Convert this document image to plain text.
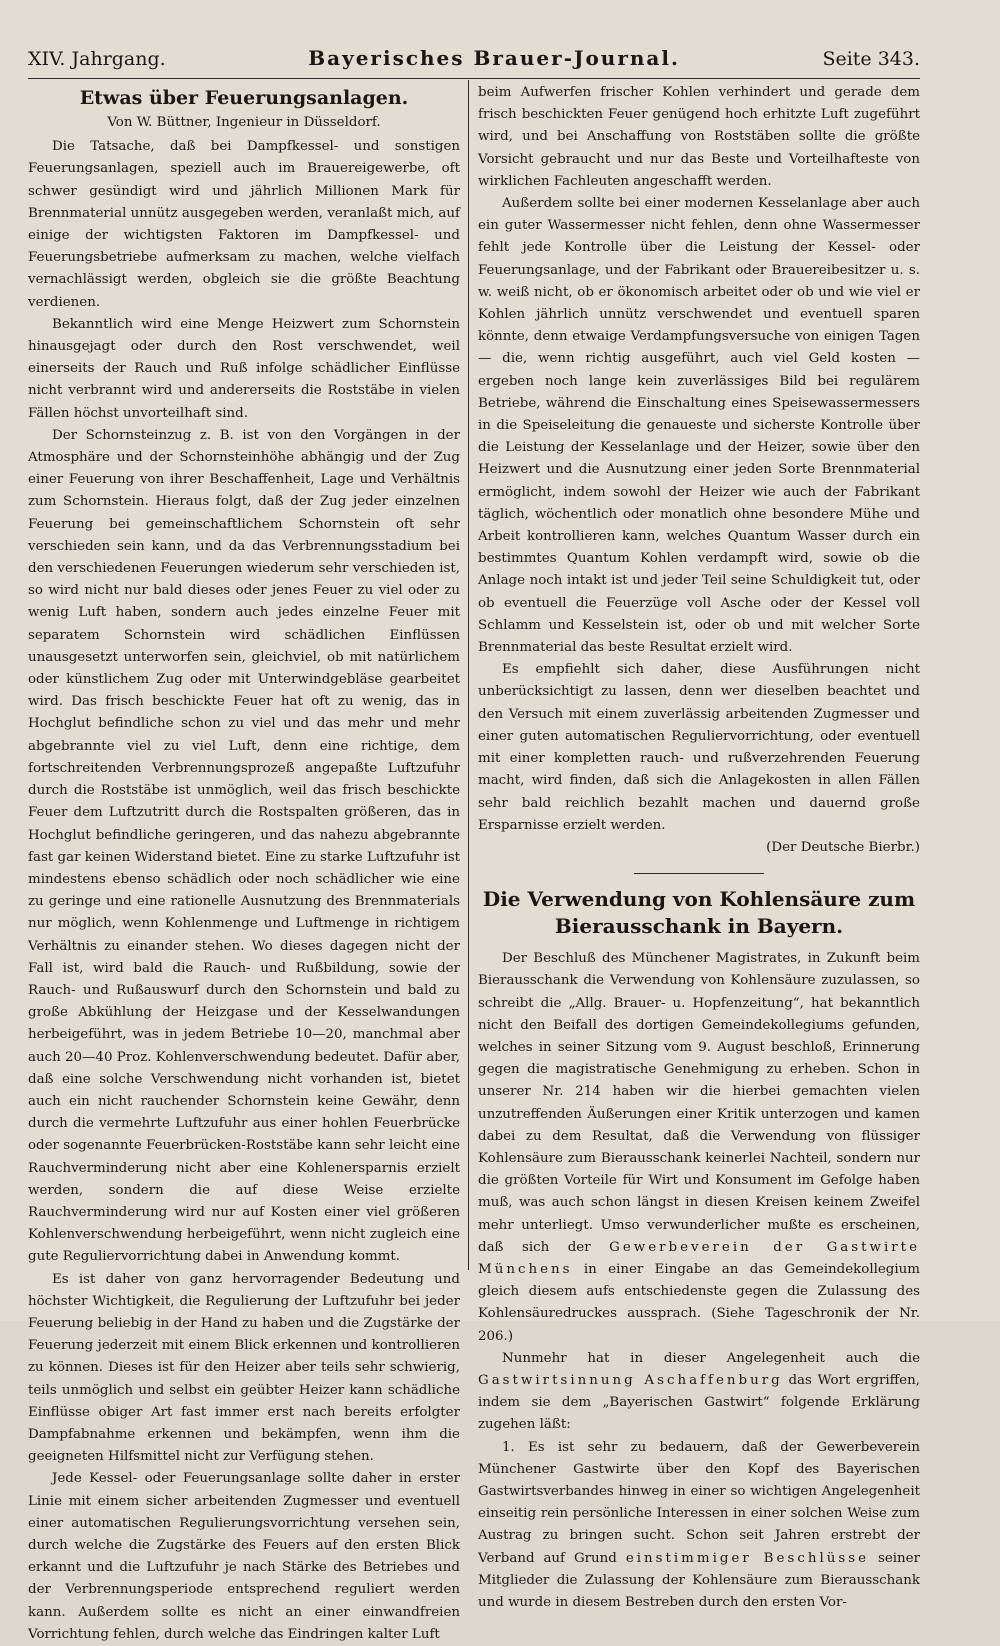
XIV. Jahrgang.	Bayerisches Brauer-Journal.	Seite 343.
Etwas über Feuerungsanlagen.
Von W. Büttner, Ingenieur in Düsseldorf.

Die Tatsache, daß bei Dampfkessel- und sonstigen Feuerungsanlagen, speziell auch im Brauereigewerbe, oft schwer gesündigt wird und jährlich Millionen Mark für Brennmaterial unnütz ausgegeben werden, veranlaßt mich, auf einige der wichtigsten Faktoren im Dampfkessel- und Feuerungsbetriebe aufmerksam zu machen, welche vielfach vernachlässigt werden, obgleich sie die größte Beachtung verdienen.

Bekanntlich wird eine Menge Heizwert zum Schornstein hinausgejagt oder durch den Rost verschwendet, weil einerseits der Rauch und Ruß infolge schädlicher Einflüsse nicht verbrannt wird und andererseits die Roststäbe in vielen Fällen höchst unvorteilhaft sind.

Der Schornsteinzug z. B. ist von den Vorgängen in der Atmosphäre und der Schornsteinhöhe abhängig und der Zug einer Feuerung von ihrer Beschaffenheit, Lage und Verhältnis zum Schornstein. Hieraus folgt, daß der Zug jeder einzelnen Feuerung bei gemeinschaftlichem Schornstein oft sehr verschieden sein kann, und da das Verbrennungsstadium bei den verschiedenen Feuerungen wiederum sehr verschieden ist, so wird nicht nur bald dieses oder jenes Feuer zu viel oder zu wenig Luft haben, sondern auch jedes einzelne Feuer mit separatem Schornstein wird schädlichen Einflüssen unausgesetzt unterworfen sein, gleichviel, ob mit natürlichem oder künstlichem Zug oder mit Unterwindgebläse gearbeitet wird. Das frisch beschickte Feuer hat oft zu wenig, das in Hochglut befindliche schon zu viel und das mehr und mehr abgebrannte viel zu viel Luft, denn eine richtige, dem fortschreitenden Verbrennungsprozeß angepaßte Luftzufuhr durch die Roststäbe ist unmöglich, weil das frisch beschickte Feuer dem Luftzutritt durch die Rostspalten größeren, das in Hochglut befindliche geringeren, und das nahezu abgebrannte fast gar keinen Widerstand bietet. Eine zu starke Luftzufuhr ist mindestens ebenso schädlich oder noch schädlicher wie eine zu geringe und eine rationelle Ausnutzung des Brennmaterials nur möglich, wenn Kohlenmenge und Luftmenge in richtigem Verhältnis zu einander stehen. Wo dieses dagegen nicht der Fall ist, wird bald die Rauch- und Rußbildung, sowie der Rauch- und Rußauswurf durch den Schornstein und bald zu große Abkühlung der Heizgase und der Kesselwandungen herbeigeführt, was in jedem Betriebe 10—20, manchmal aber auch 20—40 Proz. Kohlenverschwendung bedeutet. Dafür aber, daß eine solche Verschwendung nicht vorhanden ist, bietet auch ein nicht rauchender Schornstein keine Gewähr, denn durch die vermehrte Luftzufuhr aus einer hohlen Feuerbrücke oder sogenannte Feuerbrücken-Roststäbe kann sehr leicht eine Rauchverminderung nicht aber eine Kohlenersparnis erzielt werden, sondern die auf diese Weise erzielte Rauchverminderung wird nur auf Kosten einer viel größeren Kohlenverschwendung herbeigeführt, wenn nicht zugleich eine gute Reguliervorrichtung dabei in Anwendung kommt.

Es ist daher von ganz hervorragender Bedeutung und höchster Wichtigkeit, die Regulierung der Luftzufuhr bei jeder Feuerung beliebig in der Hand zu haben und die Zugstärke der Feuerung jederzeit mit einem Blick erkennen und kontrollieren zu können. Dieses ist für den Heizer aber teils sehr schwierig, teils unmöglich und selbst ein geübter Heizer kann schädliche Einflüsse obiger Art fast immer erst nach bereits erfolgter Dampfabnahme erkennen und bekämpfen, wenn ihm die geeigneten Hilfsmittel nicht zur Verfügung stehen.

Jede Kessel- oder Feuerungsanlage sollte daher in erster Linie mit einem sicher arbeitenden Zugmesser und eventuell einer automatischen Regulierungsvorrichtung versehen sein, durch welche die Zugstärke des Feuers auf den ersten Blick erkannt und die Luftzufuhr je nach Stärke des Betriebes und der Verbrennungsperiode entsprechend reguliert werden kann. Außerdem sollte es nicht an einer einwandfreien Vorrichtung fehlen, durch welche das Eindringen kalter Luft

beim Aufwerfen frischer Kohlen verhindert und gerade dem frisch beschickten Feuer genügend hoch erhitzte Luft zugeführt wird, und bei Anschaffung von Roststäben sollte die größte Vorsicht gebraucht und nur das Beste und Vorteilhafteste von wirklichen Fachleuten angeschafft werden.

Außerdem sollte bei einer modernen Kesselanlage aber auch ein guter Wassermesser nicht fehlen, denn ohne Wassermesser fehlt jede Kontrolle über die Leistung der Kessel- oder Feuerungsanlage, und der Fabrikant oder Brauereibesitzer u. s. w. weiß nicht, ob er ökonomisch arbeitet oder ob und wie viel er Kohlen jährlich unnütz verschwendet und eventuell sparen könnte, denn etwaige Verdampfungsversuche von einigen Tagen — die, wenn richtig ausgeführt, auch viel Geld kosten — ergeben noch lange kein zuverlässiges Bild bei regulärem Betriebe, während die Einschaltung eines Speisewassermessers in die Speiseleitung die genaueste und sicherste Kontrolle über die Leistung der Kesselanlage und der Heizer, sowie über den Heizwert und die Ausnutzung einer jeden Sorte Brennmaterial ermöglicht, indem sowohl der Heizer wie auch der Fabrikant täglich, wöchentlich oder monatlich ohne besondere Mühe und Arbeit kontrollieren kann, welches Quantum Wasser durch ein bestimmtes Quantum Kohlen verdampft wird, sowie ob die Anlage noch intakt ist und jeder Teil seine Schuldigkeit tut, oder ob eventuell die Feuerzüge voll Asche oder der Kessel voll Schlamm und Kesselstein ist, oder ob und mit welcher Sorte Brennmaterial das beste Resultat erzielt wird.

Es empfiehlt sich daher, diese Ausführungen nicht unberücksichtigt zu lassen, denn wer dieselben beachtet und den Versuch mit einem zuverlässig arbeitenden Zugmesser und einer guten automatischen Reguliervorrichtung, oder eventuell mit einer kompletten rauch- und rußverzehrenden Feuerung macht, wird finden, daß sich die Anlagekosten in allen Fällen sehr bald reichlich bezahlt machen und dauernd große Ersparnisse erzielt werden.

(Der Deutsche Bierbr.)
Die Verwendung von Kohlensäure zum Bierausschank in Bayern.

Der Beschluß des Münchener Magistrates, in Zukunft beim Bierausschank die Verwendung von Kohlensäure zuzulassen, so schreibt die „Allg. Brauer- u. Hopfenzeitung“, hat bekanntlich nicht den Beifall des dortigen Gemeindekollegiums gefunden, welches in seiner Sitzung vom 9. August beschloß, Erinnerung gegen die magistratische Genehmigung zu erheben. Schon in unserer Nr. 214 haben wir die hierbei gemachten vielen unzutreffenden Äußerungen einer Kritik unterzogen und kamen dabei zu dem Resultat, daß die Verwendung von flüssiger Kohlensäure zum Bierausschank keinerlei Nachteil, sondern nur die größten Vorteile für Wirt und Konsument im Gefolge haben muß, was auch schon längst in diesen Kreisen keinem Zweifel mehr unterliegt. Umso verwunderlicher mußte es erscheinen, daß sich der Gewerbeverein der Gastwirte Münchens in einer Eingabe an das Gemeindekollegium gleich diesem aufs entschiedenste gegen die Zulassung des Kohlensäuredruckes aussprach. (Siehe Tageschronik der Nr. 206.)

Nunmehr hat in dieser Angelegenheit auch die Gastwirtsinnung Aschaffenburg das Wort ergriffen, indem sie dem „Bayerischen Gastwirt“ folgende Erklärung zugehen läßt:

1. Es ist sehr zu bedauern, daß der Gewerbeverein Münchener Gastwirte über den Kopf des Bayerischen Gastwirtsverbandes hinweg in einer so wichtigen Angelegenheit einseitig rein persönliche Interessen in einer solchen Weise zum Austrag zu bringen sucht. Schon seit Jahren erstrebt der Verband auf Grund einstimmiger Beschlüsse seiner Mitglieder die Zulassung der Kohlensäure zum Bierausschank und wurde in diesem Bestreben durch den ersten Vor-
